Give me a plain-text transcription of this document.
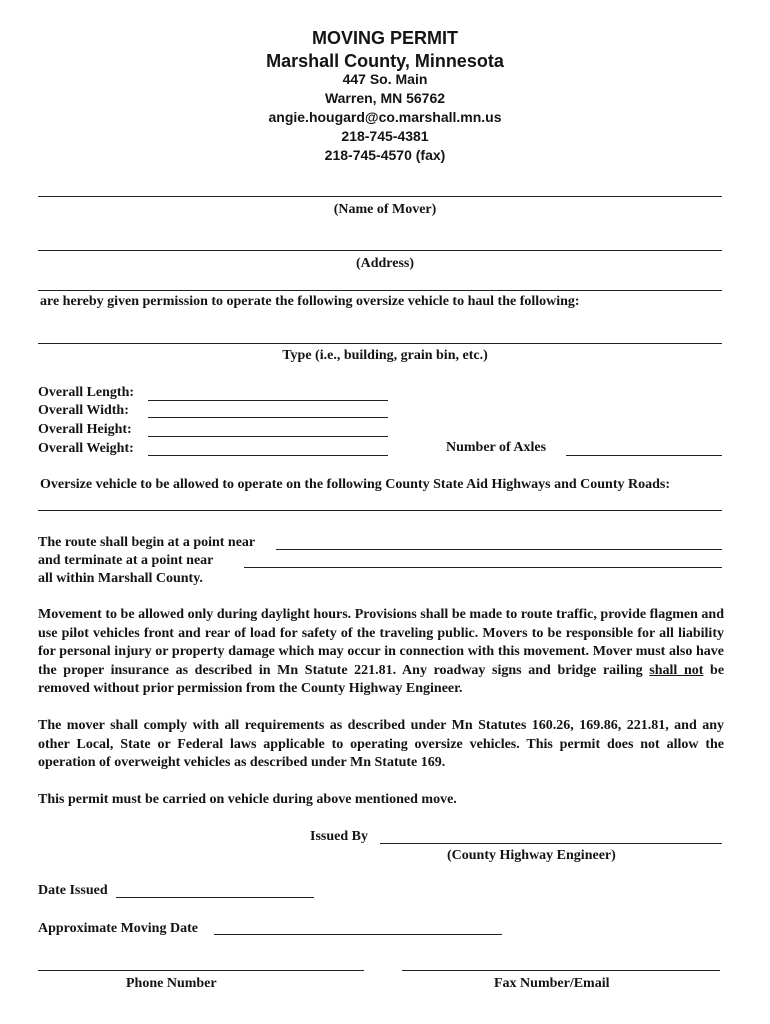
MOVING PERMIT
Marshall County, Minnesota
447 So. Main
Warren, MN 56762
angie.hougard@co.marshall.mn.us
218-745-4381
218-745-4570 (fax)
(Name of Mover)
(Address)
are hereby given permission to operate the following oversize vehicle to haul the following:
Type (i.e., building, grain bin, etc.)
Overall Length:
Overall Width:
Overall Height:
Overall Weight:	Number of Axles
Oversize vehicle to be allowed to operate on the following County State Aid Highways and County Roads:
The route shall begin at a point near
and terminate at a point near
all within Marshall County.
Movement to be allowed only during daylight hours. Provisions shall be made to route traffic, provide flagmen and use pilot vehicles front and rear of load for safety of the traveling public. Movers to be responsible for all liability for personal injury or property damage which may occur in connection with this movement. Mover must also have the proper insurance as described in Mn Statute 221.81. Any roadway signs and bridge railing shall not be removed without prior permission from the County Highway Engineer.
The mover shall comply with all requirements as described under Mn Statutes 160.26, 169.86, 221.81, and any other Local, State or Federal laws applicable to operating oversize vehicles. This permit does not allow the operation of overweight vehicles as described under Mn Statute 169.
This permit must be carried on vehicle during above mentioned move.
Issued By
(County Highway Engineer)
Date Issued
Approximate Moving Date
Phone Number	Fax Number/Email
